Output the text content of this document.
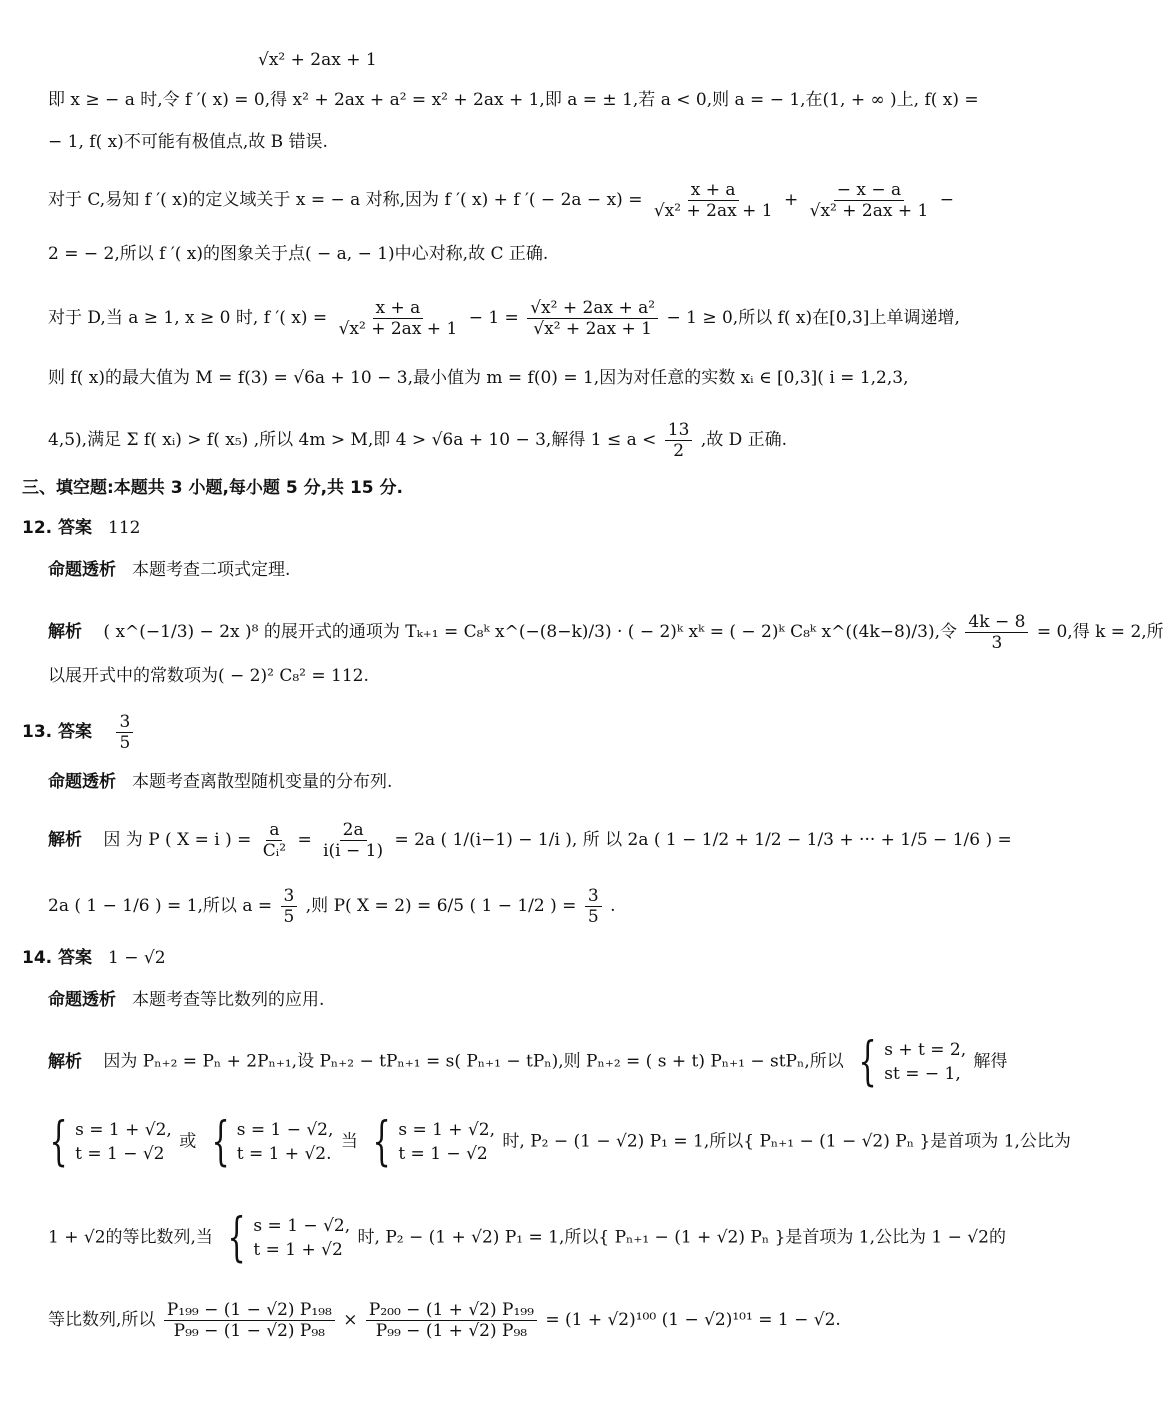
√x² + 2ax + 1
即 x ≥ − a 时,令 f ′( x) = 0,得 x² + 2ax + a² = x² + 2ax + 1,即 a = ± 1,若 a < 0,则 a = − 1,在(1, + ∞ )上, f( x) =
− 1, f( x)不可能有极值点,故 B 错误.
对于 C,易知 f ′( x)的定义域关于 x = − a 对称,因为 f ′( x) + f ′( − $2a - x) = \frac{x + a}{\text{√x² + 2ax + 1}} + \frac{- x - a}{\text{√x² + 2ax + 1}}$ −
2 = − 2,所以 f ′( x)的图象关于点( − a, − 1)中心对称,故 C 正确.
对于 D,当 a ≥ 1, x ≥ 0 时, f ′( $x) = \frac{x + a}{\text{√x² + 2ax + 1}} - 1 = \frac{\text{√x² + 2ax + a²}}{\text{√x² + 2ax + 1}} - 1 \ge 0$,所以 f( x)在[0,3]上单调递增,
则 f( x)的最大值为 M = f(3) = √6a + 10 − 3,最小值为 m = f(0) = 1,因为对任意的实数 xᵢ ∈ [0,3]( i = 1,2,3,
4,5),满足 Σ f( xᵢ) > f( x₅) ,所以 4m > M,即 4 > √6a + 10 − 3,解得 $1 \le a < \frac{13}{2}$ ,故 D 正确.
三、填空题:本题共 3 小题,每小题 5 分,共 15 分.
12. 答案 112
命题透析 本题考查二项式定理.
解析 ( x^(−1/3) − 2x )⁸ 的展开式的通项为 Tₖ₊₁ = C₈ᵏ x^(−(8−k)/3) · ( − 2)ᵏ xᵏ = ( − 2)ᵏ C₈ᵏ x^((4k−8)/3),令 $\frac{4k - 8}{3} = 0$,得 k = 2,所
以展开式中的常数项为( − 2)² C₈² = 112.
13. 答案 $\frac{3}{5}$
命题透析 本题考查离散型随机变量的分布列.
解析 因 为 P ( X = i ) = $\frac{a}{\text{Cᵢ²}} = \frac{2a}{i(i - 1)} = 2a$ ( 1/(i−1) − 1/i ), 所 以 2a ( 1 − 1/2 + 1/2 − 1/3 + ··· + 1/5 − 1/6 ) =
2a ( 1 − 1/6 ) = 1,所以 $a = \frac{3}{5}$ ,则 P( X = 2) = 6/5 ( 1 − 1/2 ) = $\frac{3}{5}$ .
14. 答案 1 − √2
命题透析 本题考查等比数列的应用.
解析 因为 Pₙ₊₂ = Pₙ + 2Pₙ₊₁,设 Pₙ₊₂ − tPₙ₊₁ = s( Pₙ₊₁ − tPₙ),则 Pₙ₊₂ = ( s + t) Pₙ₊₁ − stPₙ,所以 { s + t = 2,
st = − 1,
解得
{ s = 1 + √2,
t = 1 − √2
或 { s = 1 − √2,
t = 1 + √2.
当 { s = 1 + √2,
t = 1 − √2
时, P₂ − (1 − √2) P₁ = 1,所以{ Pₙ₊₁ − (1 − √2) Pₙ }是首项为 1,公比为
1 + √2的等比数列,当 { s = 1 − √2,
t = 1 + √2
时, P₂ − (1 + √2) P₁ = 1,所以{ Pₙ₊₁ − (1 + √2) Pₙ }是首项为 1,公比为 1 − √2的
等比数列,所以 $\frac{\text{P₁₉₉ − (1 − √2) P₁₉₈}}{\text{P₉₉ − (1 − √2) P₉₈}} \times \frac{\text{P₂₀₀ − (1 + √2) P₁₉₉}}{\text{P₉₉ − (1 + √2) P₉₈}} = (1 + √2)^{100}$ (1 − √2)¹⁰¹ = 1 − √2.
